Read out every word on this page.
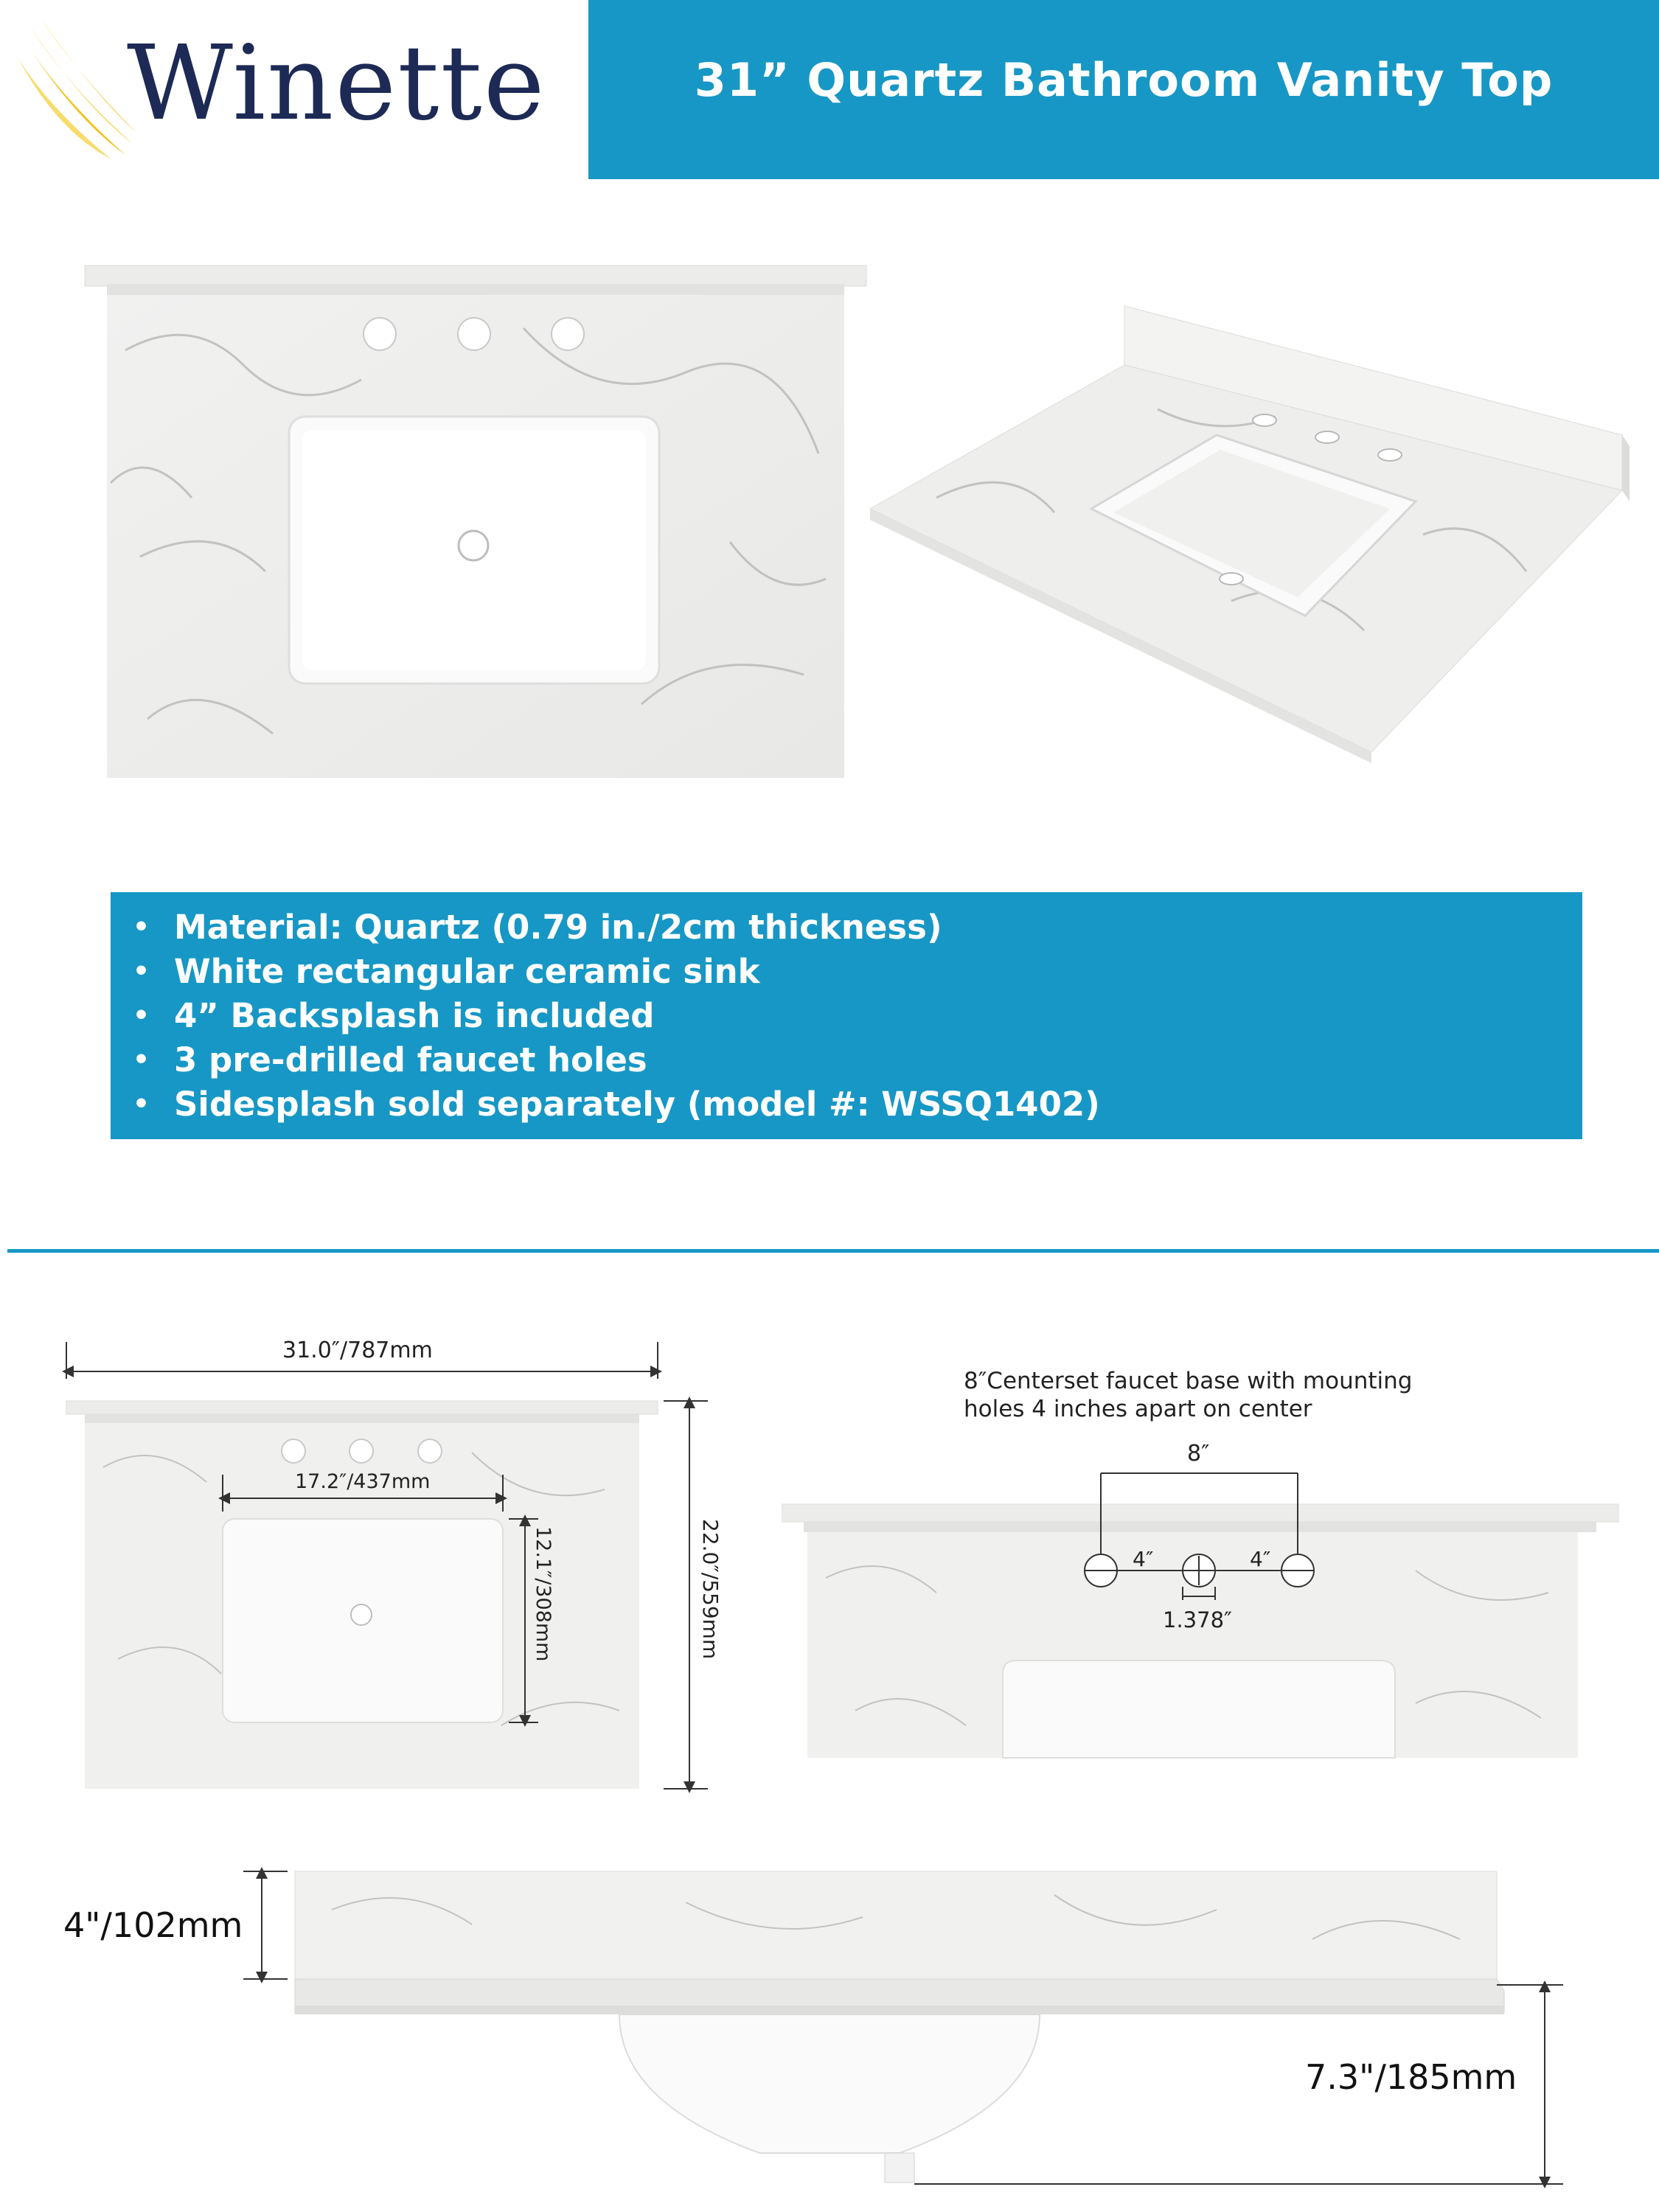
Winette	31” Quartz Bathroom Vanity Top
• Material: Quartz (0.79 in./2cm thickness)
• White rectangular ceramic sink
• 4” Backsplash is included
• 3 pre-drilled faucet holes
• Sidesplash sold separately (model #: WSSQ1402)
31.0″/787mm
17.2″/437mm
12.1″/308mm	22.0″/559mm
8″Centerset faucet base with mounting
holes 4 inches apart on center
8″
4″	4″
1.378″
4"/102mm
7.3"/185mm
